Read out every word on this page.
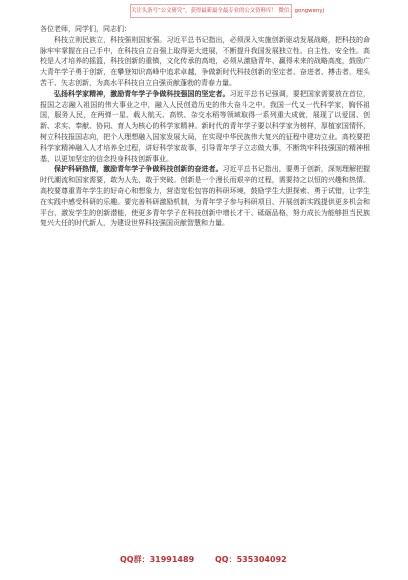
关注头条号“公文研究”，获得最新最全最专业的公文资料库！ 微信：gongwenyj

各位老师，同学们，同志们：

科技立则民族立，科技强则国家强。习近平总书记指出，必须深入实施创新驱动发展战略，把科技的命脉牢牢掌握在自己手中，在科技自立自强上取得更大进展，不断提升我国发展独立性、自主性、安全性。高校是人才培养的摇篮，科技创新的重镇，文化传承的高地，必须从激励青年、赢得未来的战略高度，鼓励广大青年学子勇于创新，在攀登知识高峰中追求卓越，争做新时代科技创新的坚定者、奋进者、搏击者，埋头苦干、矢志创新，为高水平科技自立自强贡献蓬勃的青春力量。

弘扬科学家精神，激励青年学子争做科技强国的坚定者。习近平总书记强调，要把国家需要放在首位，报国之志融入祖国的伟大事业之中，融入人民创造历史的伟大奋斗之中。我国一代又一代科学家，胸怀祖国，服务人民，在两弹一星、载人航天、高铁、杂交水稻等领域取得一系列重大成就，展现了以爱国、创新、求实、奉献、协同、育人为核心的科学家精神。新时代的青年学子要以科学家为榜样，厚植家国情怀，树立科技报国志向，把个人理想融入国家发展大局，在实现中华民族伟大复兴的征程中建功立业。高校要把科学家精神融入人才培养全过程，讲好科学家故事，引导青年学子立志做大事，不断筑牢科技强国的精神根基，以更加坚定的信念投身科技创新事业。

保护科研热情，激励青年学子争做科技创新的奋进者。习近平总书记指出，要勇于创新，深刻理解把握时代潮流和国家需要，敢为人先，敢于突破。创新是一个漫长而艰辛的过程，需要持之以恒的兴趣和热情。高校要尊重青年学生的好奇心和想象力，营造宽松包容的科研环境，鼓励学生大胆探索、勇于试错，让学生在实践中感受科研的乐趣。要完善科研激励机制，为青年学子参与科研项目、开展创新实践提供更多机会和平台，激发学生的创新潜能，使更多青年学子在科技创新中增长才干、砥砺品格，努力成长为能够担当民族复兴大任的时代新人，为建设世界科技强国贡献智慧和力量。

QQ群：31991489	QQ：535304092
